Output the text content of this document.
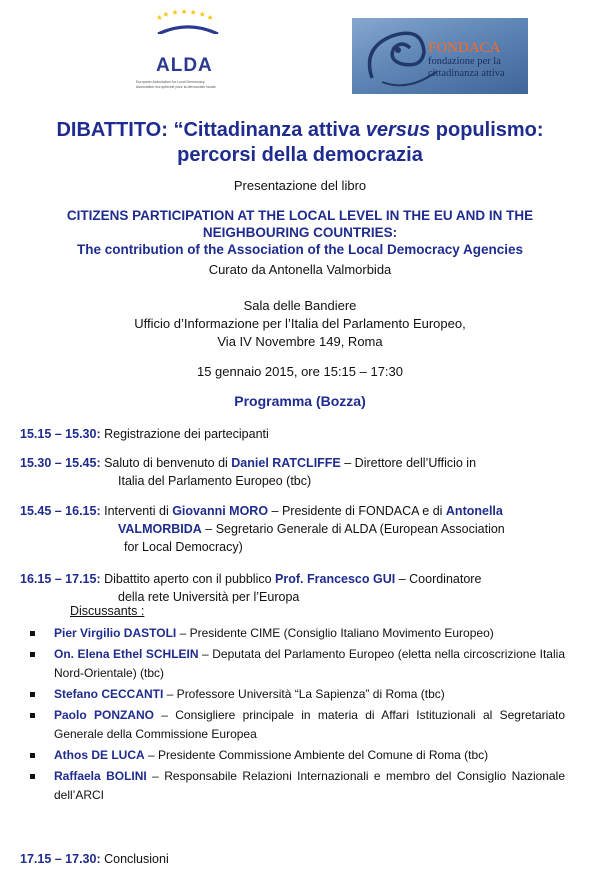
ALDA
European Association for Local Democracy
Association européenne pour la démocratie locale
FONDACA
fondazione per la cittadinanza attiva
DIBATTITO: “Cittadinanza attiva versus populismo:
percorsi della democrazia
Presentazione del libro
CITIZENS PARTICIPATION AT THE LOCAL LEVEL IN THE EU AND IN THE
NEIGHBOURING COUNTRIES:
The contribution of the Association of the Local Democracy Agencies
Curato da Antonella Valmorbida
Sala delle Bandiere
Ufficio d’Informazione per l’Italia del Parlamento Europeo,
Via IV Novembre 149, Roma
15 gennaio 2015, ore 15:15 – 17:30
Programma (Bozza)
15.15 – 15.30: Registrazione dei partecipanti
15.30 – 15.45: Saluto di benvenuto di Daniel RATCLIFFE – Direttore dell’Ufficio in
Italia del Parlamento Europeo (tbc)
15.45 – 16.15: Interventi di Giovanni MORO – Presidente di FONDACA e di Antonella
VALMORBIDA – Segretario Generale di ALDA (European Association
for Local Democracy)
16.15 – 17.15: Dibattito aperto con il pubblico Prof. Francesco GUI – Coordinatore
della rete Università per l’Europa
Discussants :
Pier Virgilio DASTOLI – Presidente CIME (Consiglio Italiano Movimento Europeo)
On. Elena Ethel SCHLEIN – Deputata del Parlamento Europeo (eletta nella circoscrizione Italia Nord-Orientale) (tbc)
Stefano CECCANTI – Professore Università “La Sapienza” di Roma (tbc)
Paolo PONZANO – Consigliere principale in materia di Affari Istituzionali al Segretariato Generale della Commissione Europea
Athos DE LUCA – Presidente Commissione Ambiente del Comune di Roma (tbc)
Raffaela BOLINI – Responsabile Relazioni Internazionali e membro del Consiglio Nazionale dell’ARCI
17.15 – 17.30: Conclusioni
